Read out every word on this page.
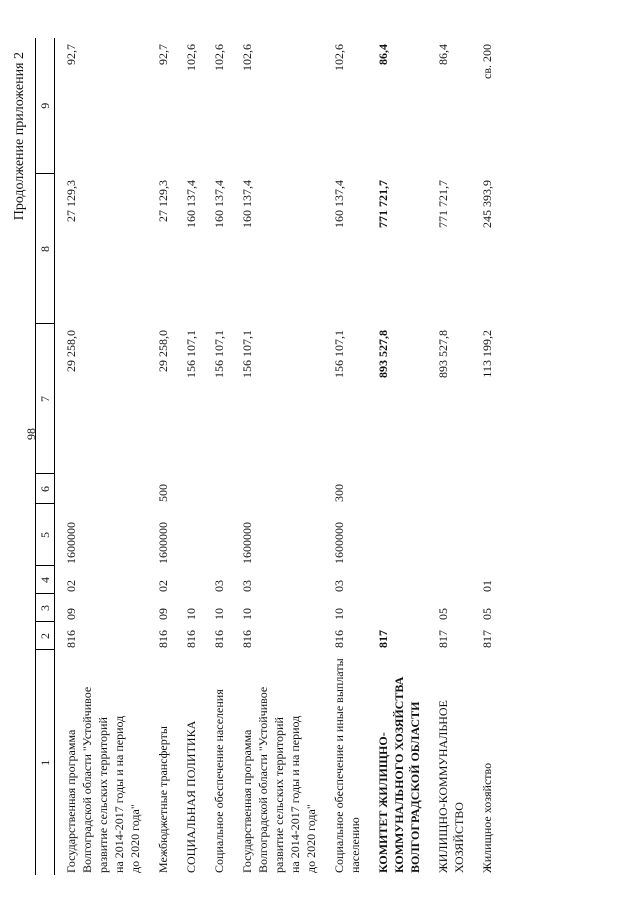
98
Продолжение приложения 2
1	2	3	4	5	6	7	8	9
Государственная программа
Волгоградской области "Устойчивое развитие сельских территорий
на 2014-2017 годы и на период
до 2020 года"	816	09	02	1600000		29 258,0	27 129,3	92,7
Межбюджетные трансферты	816	09	02	1600000	500	29 258,0	27 129,3	92,7
СОЦИАЛЬНАЯ ПОЛИТИКА	816	10				156 107,1	160 137,4	102,6
Социальное обеспечение населения	816	10	03			156 107,1	160 137,4	102,6
Государственная программа
Волгоградской области "Устойчивое развитие сельских территорий
на 2014-2017 годы и на период
до 2020 года"	816	10	03	1600000		156 107,1	160 137,4	102,6
Социальное обеспечение и иные выплаты населению	816	10	03	1600000	300	156 107,1	160 137,4	102,6
КОМИТЕТ ЖИЛИЩНО-КОММУНАЛЬНОГО ХОЗЯЙСТВА ВОЛГОГРАДСКОЙ ОБЛАСТИ	817					893 527,8	771 721,7	86,4
ЖИЛИЩНО-КОММУНАЛЬНОЕ ХОЗЯЙСТВО	817	05				893 527,8	771 721,7	86,4
Жилищное хозяйство	817	05	01			113 199,2	245 393,9	св. 200
